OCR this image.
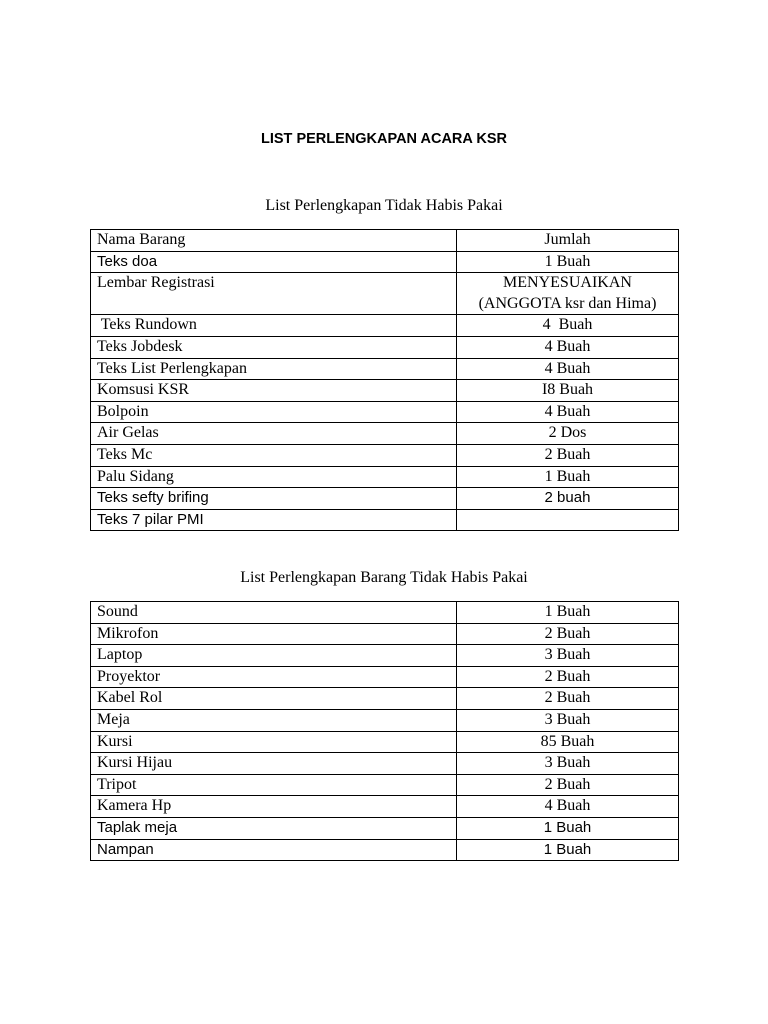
LIST PERLENGKAPAN ACARA KSR
List Perlengkapan Tidak Habis Pakai
Nama Barang	Jumlah
Teks doa	1 Buah
Lembar Registrasi	MENYESUAIKAN (ANGGOTA ksr dan Hima)
Teks Rundown	4  Buah
Teks Jobdesk	4 Buah
Teks List Perlengkapan	4 Buah
Komsusi KSR	I8 Buah
Bolpoin	4 Buah
Air Gelas	2 Dos
Teks Mc	2 Buah
Palu Sidang	1 Buah
Teks sefty brifing	2 buah
Teks 7 pilar PMI	
List Perlengkapan Barang Tidak Habis Pakai
Sound	1 Buah
Mikrofon	2 Buah
Laptop	3 Buah
Proyektor	2 Buah
Kabel Rol	2 Buah
Meja	3 Buah
Kursi	85 Buah
Kursi Hijau	3 Buah
Tripot	2 Buah
Kamera Hp	4 Buah
Taplak meja	1 Buah
Nampan	1 Buah
